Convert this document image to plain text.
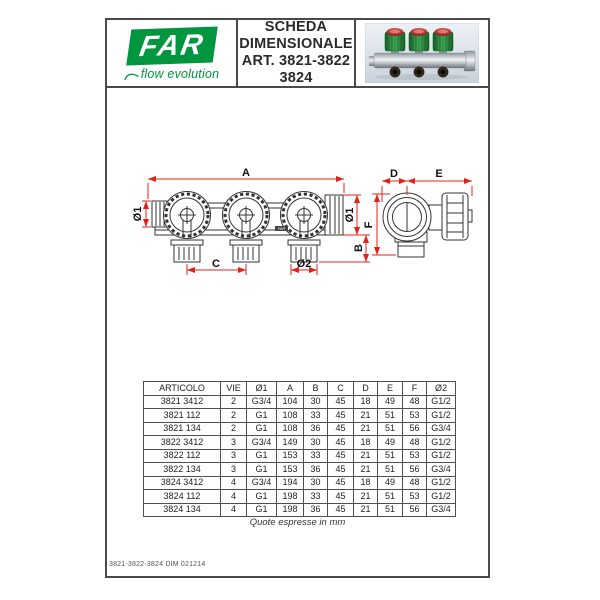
FAR
flow evolution
SCHEDA
DIMENSIONALE
ART. 3821-3822
3824
FAR
A
Ø1	Ø1
B
C	Ø2
D	E
F
ARTICOLO	VIE	Ø1	A	B	C	D	E	F	Ø2
3821 3412	2	G3/4	104	30	45	18	49	48	G1/2
3821 112	2	G1	108	33	45	21	51	53	G1/2
3821 134	2	G1	108	36	45	21	51	56	G3/4
3822 3412	3	G3/4	149	30	45	18	49	48	G1/2
3822 112	3	G1	153	33	45	21	51	53	G1/2
3822 134	3	G1	153	36	45	21	51	56	G3/4
3824 3412	4	G3/4	194	30	45	18	49	48	G1/2
3824 112	4	G1	198	33	45	21	51	53	G1/2
3824 134	4	G1	198	36	45	21	51	56	G3/4
Quote espresse in mm
3821-3822-3824 DIM 021214
